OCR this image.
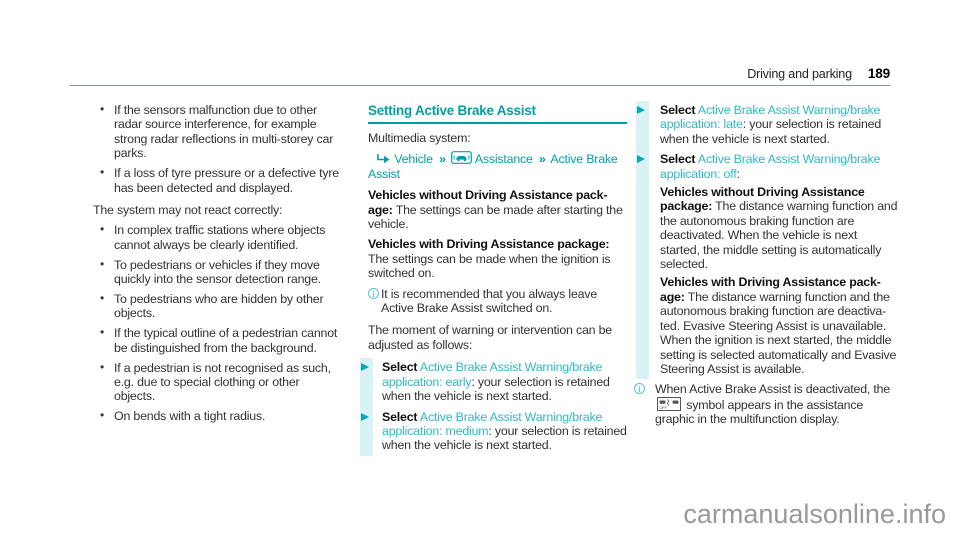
Driving and parking 189
• If the sensors malfunction due to other radar source interference, for example strong radar reflections in multi-storey car parks.
• If a loss of tyre pressure or a defective tyre has been detected and displayed.

The system may not react correctly:

• In complex traffic stations where objects cannot always be clearly identified.
• To pedestrians or vehicles if they move quickly into the sensor detection range.
• To pedestrians who are hidden by other objects.
• If the typical outline of a pedestrian cannot be distinguished from the background.
• If a pedestrian is not recognised as such, e.g. due to special clothing or other objects.
• On bends with a tight radius.
Setting Active Brake Assist

Multimedia system:

Vehicle » Assistance » Active Brake Assist

Vehicles without Driving Assistance package: The settings can be made after starting the vehicle.

Vehicles with Driving Assistance package: The settings can be made when the ignition is switched on.

i It is recommended that you always leave Active Brake Assist switched on.

The moment of warning or intervention can be adjusted as follows:

Select Active Brake Assist Warning/brake application: early: your selection is retained when the vehicle is next started.
Select Active Brake Assist Warning/brake application: medium: your selection is retained when the vehicle is next started.
Select Active Brake Assist Warning/brake application: late: your selection is retained when the vehicle is next started.
Select Active Brake Assist Warning/brake application: off:

Vehicles without Driving Assistance package: The distance warning function and the autonomous braking function are deactivated. When the vehicle is next started, the middle setting is automatically selected.

Vehicles with Driving Assistance package: The distance warning function and the autonomous braking function are deactivated. Evasive Steering Assist is unavailable. When the ignition is next started, the middle setting is selected automatically and Evasive Steering Assist is available.

i	When Active Brake Assist is deactivated, the
OFF symbol appears in the assistance graphic in the multifunction display.
carmanualsonline.info
